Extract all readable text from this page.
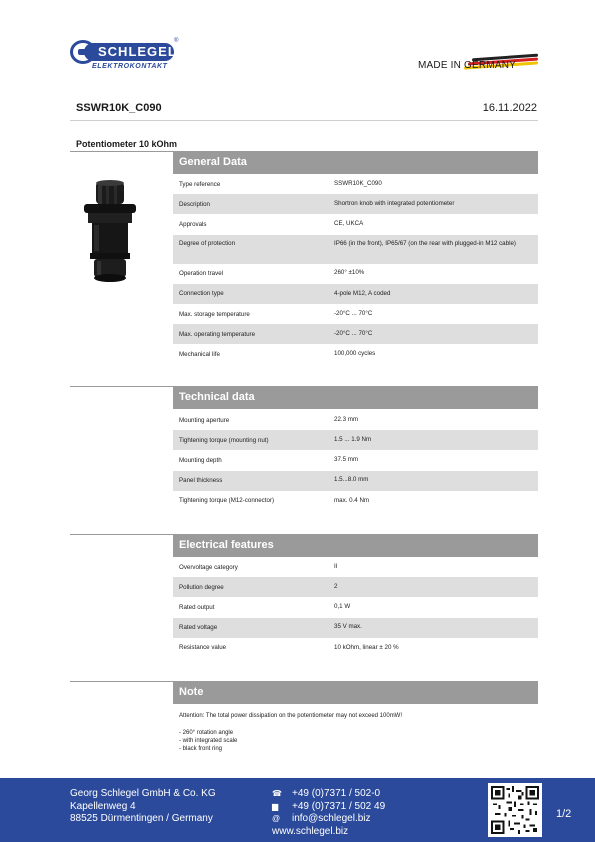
SCHLEGEL
®
ELEKTROKONTAKT	MADE IN GERMANY
SSWR10K_C090	16.11.2022
Potentiometer 10 kOhm
General Data
Type reference	SSWR10K_C090
Description	Shortron knob with integrated potentiometer
Approvals	CE, UKCA
Degree of protection	IP66 (in the front), IP65/67 (on the rear with plugged-in M12 cable)
Operation travel	260° ±10%
Connection type	4-pole M12, A coded
Max. storage temperature	-20°C ... 70°C
Max. operating temperature	-20°C ... 70°C
Mechanical life	100,000 cycles
Technical data
Mounting aperture	22.3 mm
Tightening torque (mounting nut)	1.5 ... 1.9 Nm
Mounting depth	37.5 mm
Panel thickness	1.5...8.0 mm
Tightening torque (M12-connector)	max. 0.4 Nm
Electrical features
Overvoltage category	II
Pollution degree	2
Rated output	0,1 W
Rated voltage	35 V max.
Resistance value	10 kOhm, linear ± 20 %
Note
Attention: The total power dissipation on the potentiometer may not exceed 100mW!
- 260° rotation angle
- with integrated scale
- black front ring
Georg Schlegel GmbH & Co. KG
Kapellenweg 4
88525 Dürmentingen / Germany
☎	+49 (0)7371 / 502-0
▆	+49 (0)7371 / 502 49
@	info@schlegel.biz
www.schlegel.biz
1/2
